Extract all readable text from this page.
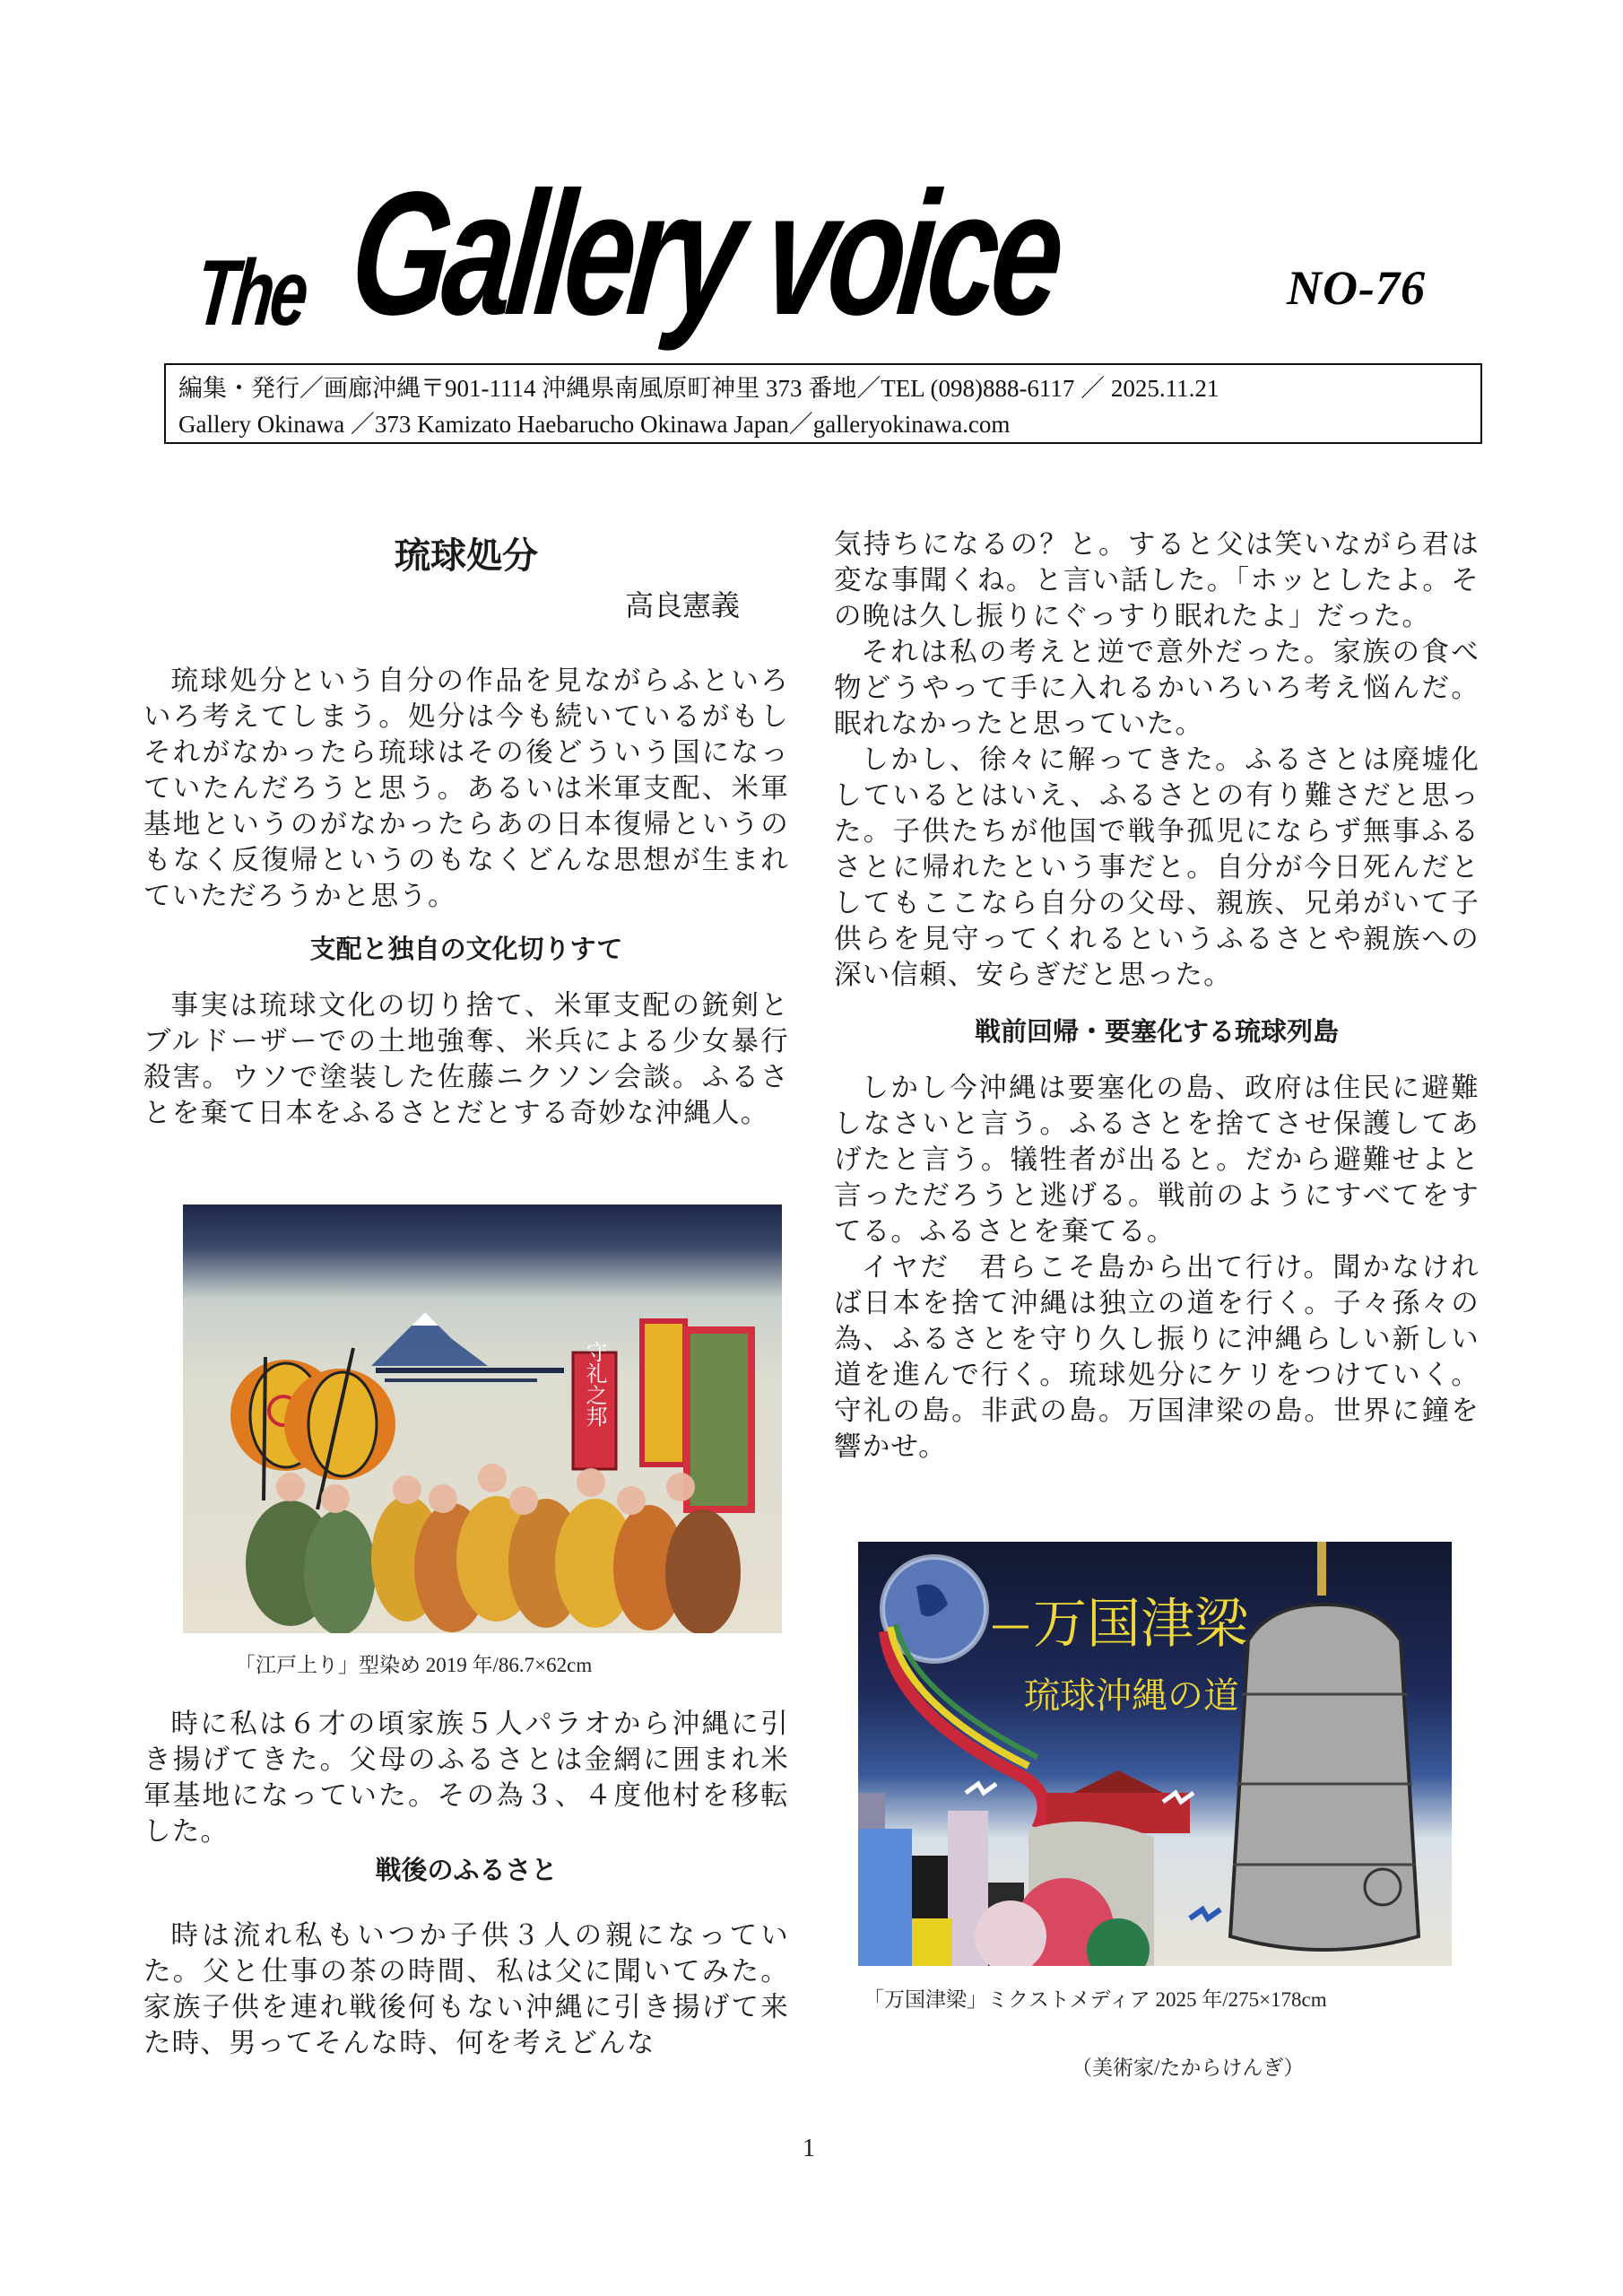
The Gallery voice	NO-76
編集・発行／画廊沖縄〒901-1114 沖縄県南風原町神里 373 番地／TEL (098)888-6117 ／ 2025.11.21
Gallery Okinawa ／373 Kamizato Haebarucho Okinawa Japan／galleryokinawa.com
琉球処分

高良憲義

琉球処分という自分の作品を見ながらふといろいろ考えてしまう。処分は今も続いているがもしそれがなかったら琉球はその後どういう国になっていたんだろうと思う。あるいは米軍支配、米軍基地というのがなかったらあの日本復帰というのもなく反復帰というのもなくどんな思想が生まれていただろうかと思う。

支配と独自の文化切りすて

事実は琉球文化の切り捨て、米軍支配の銃剣とブルドーザーでの土地強奪、米兵による少女暴行殺害。ウソで塗装した佐藤ニクソン会談。ふるさとを棄て日本をふるさとだとする奇妙な沖縄人。

守礼之邦
「江戸上り」型染め 2019 年/86.7×62cm

時に私は６才の頃家族５人パラオから沖縄に引き揚げてきた。父母のふるさとは金網に囲まれ米軍基地になっていた。その為３、４度他村を移転した。

戦後のふるさと

時は流れ私もいつか子供３人の親になっていた。父と仕事の茶の時間、私は父に聞いてみた。家族子供を連れ戦後何もない沖縄に引き揚げて来た時、男ってそんな時、何を考えどんな

気持ちになるの？と。すると父は笑いながら君は変な事聞くね。と言い話した。「ホッとしたよ。その晩は久し振りにぐっすり眠れたよ」だった。

それは私の考えと逆で意外だった。家族の食べ物どうやって手に入れるかいろいろ考え悩んだ。眠れなかったと思っていた。

しかし、徐々に解ってきた。ふるさとは廃墟化しているとはいえ、ふるさとの有り難さだと思った。子供たちが他国で戦争孤児にならず無事ふるさとに帰れたという事だと。自分が今日死んだとしてもここなら自分の父母、親族、兄弟がいて子供らを見守ってくれるというふるさとや親族への深い信頼、安らぎだと思った。

戦前回帰・要塞化する琉球列島

しかし今沖縄は要塞化の島、政府は住民に避難しなさいと言う。ふるさとを捨てさせ保護してあげたと言う。犠牲者が出ると。だから避難せよと言っただろうと逃げる。戦前のようにすべてをすてる。ふるさとを棄てる。

イヤだ　君らこそ島から出て行け。聞かなければ日本を捨て沖縄は独立の道を行く。子々孫々の為、ふるさとを守り久し振りに沖縄らしい新しい道を進んで行く。琉球処分にケリをつけていく。守礼の島。非武の島。万国津梁の島。世界に鐘を響かせ。

万国津梁
琉球沖縄の道
「万国津梁」ミクストメディア 2025 年/275×178cm
（美術家/たからけんぎ）
1
